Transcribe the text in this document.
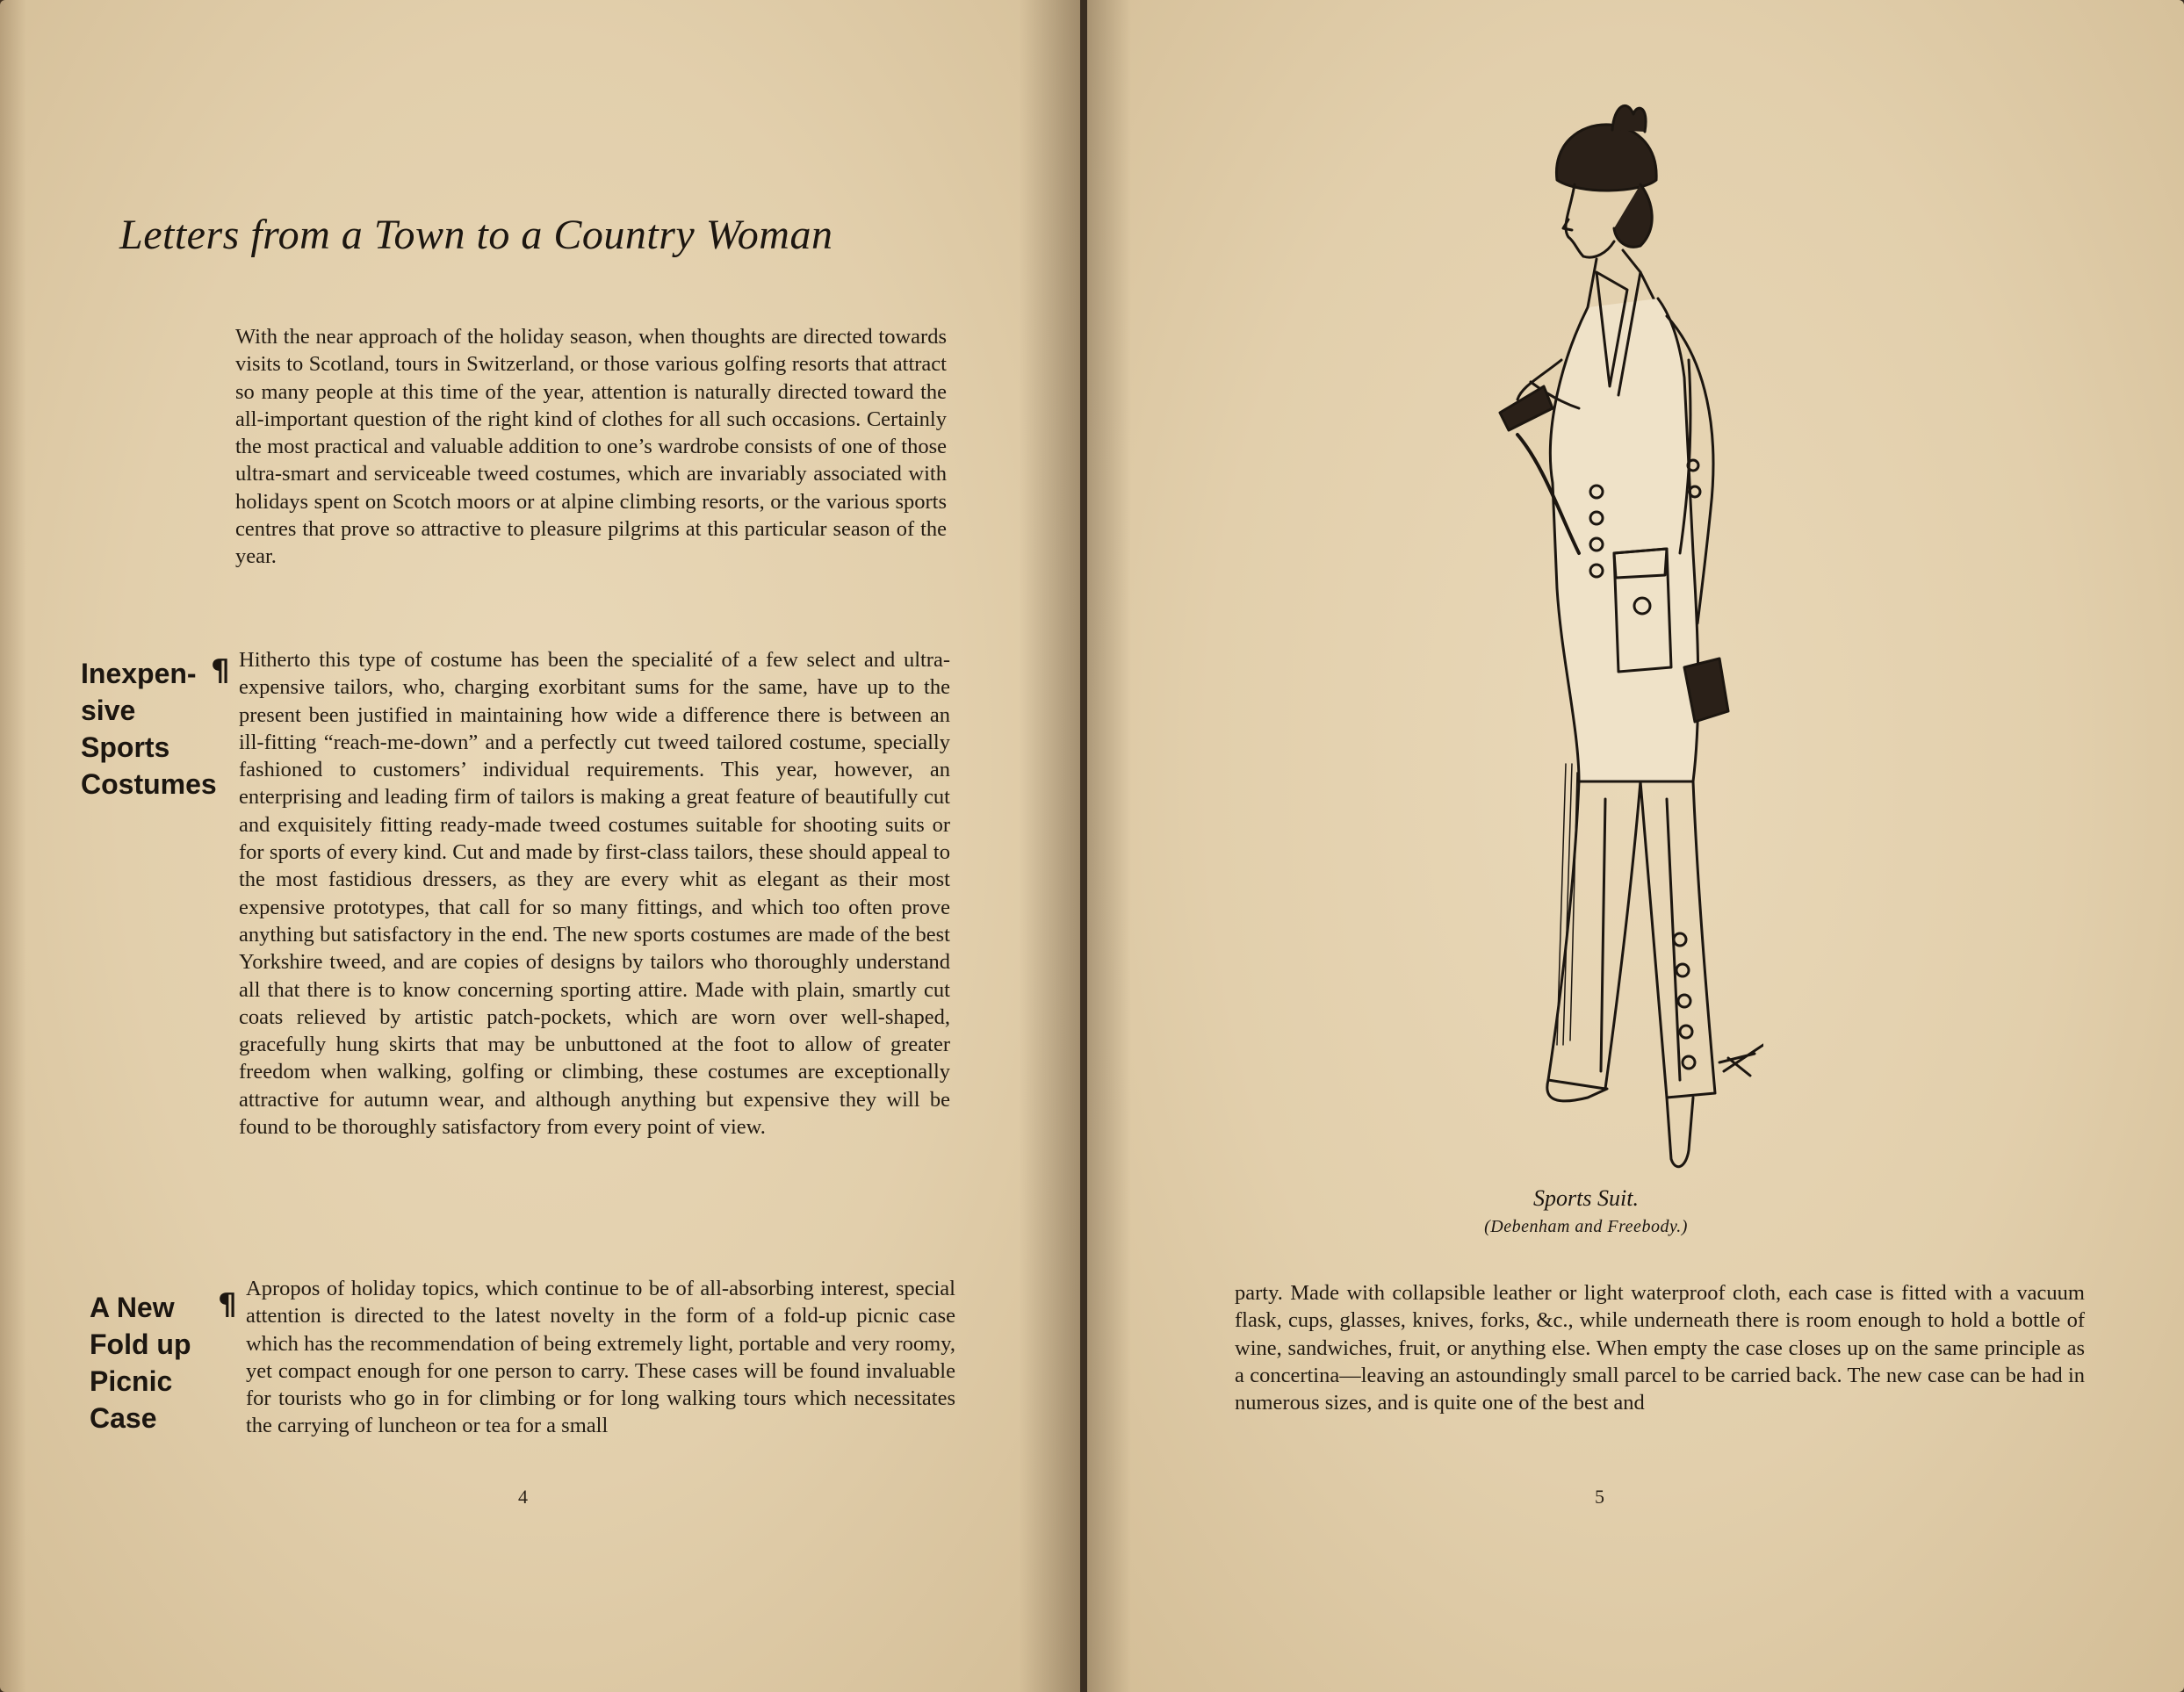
Letters from a Town to a Country Woman
With the near approach of the holiday season, when thoughts are directed towards visits to Scotland, tours in Switzerland, or those various golfing resorts that attract so many people at this time of the year, attention is naturally directed toward the all-important question of the right kind of clothes for all such occasions. Certainly the most practical and valuable addition to one’s wardrobe consists of one of those ultra-smart and serviceable tweed costumes, which are invariably associated with holidays spent on Scotch moors or at alpine climbing resorts, or the various sports centres that prove so attractive to pleasure pilgrims at this particular season of the year.
Inexpen- sive Sports Costumes
¶ Hitherto this type of costume has been the specialité of a few select and ultra-expensive tailors, who, charging exorbitant sums for the same, have up to the present been justified in maintaining how wide a difference there is between an ill-fitting “reach-me-down” and a perfectly cut tweed tailored costume, specially fashioned to customers’ individual requirements. This year, however, an enterprising and leading firm of tailors is making a great feature of beautifully cut and exquisitely fitting ready-made tweed costumes suitable for shooting suits or for sports of every kind. Cut and made by first-class tailors, these should appeal to the most fastidious dressers, as they are every whit as elegant as their most expensive prototypes, that call for so many fittings, and which too often prove anything but satisfactory in the end. The new sports costumes are made of the best Yorkshire tweed, and are copies of designs by tailors who thoroughly understand all that there is to know concerning sporting attire. Made with plain, smartly cut coats relieved by artistic patch-pockets, which are worn over well-shaped, gracefully hung skirts that may be unbuttoned at the foot to allow of greater freedom when walking, golfing or climbing, these costumes are exceptionally attractive for autumn wear, and although anything but expensive they will be found to be thoroughly satisfactory from every point of view.
A New Fold up Picnic Case
¶ Apropos of holiday topics, which continue to be of all-absorbing interest, special attention is directed to the latest novelty in the form of a fold-up picnic case which has the recommendation of being extremely light, portable and very roomy, yet compact enough for one person to carry. These cases will be found invaluable for tourists who go in for climbing or for long walking tours which necessitates the carrying of luncheon or tea for a small
4
Sports Suit.
(Debenham and Freebody.)
party. Made with collapsible leather or light waterproof cloth, each case is fitted with a vacuum flask, cups, glasses, knives, forks, &c., while underneath there is room enough to hold a bottle of wine, sandwiches, fruit, or anything else. When empty the case closes up on the same principle as a concertina—leaving an astoundingly small parcel to be carried back. The new case can be had in numerous sizes, and is quite one of the best and
5
